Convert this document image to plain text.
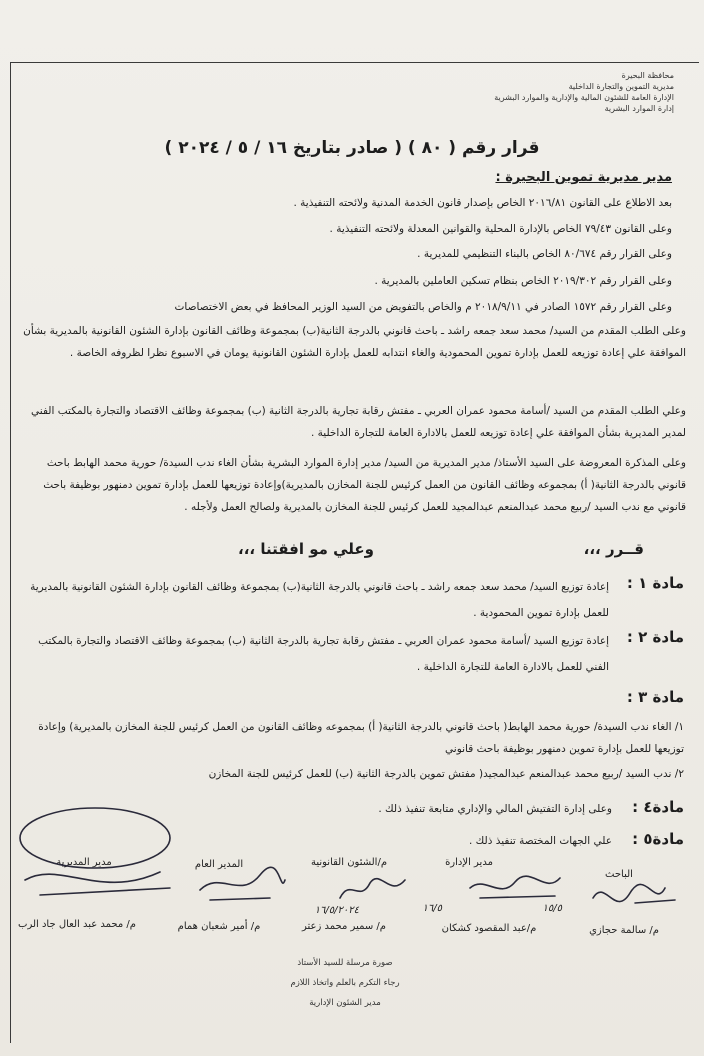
محافظة البحيرة
مديرية التموين والتجارة الداخلية
الإدارة العامة للشئون المالية والإدارية والموارد البشرية
إدارة الموارد البشرية
قرار رقم ( ٨٠ ) ( صادر بتاريخ ١٦ / ٥ / ٢٠٢٤ )
مدير مديرية تموين البحيرة :
بعد الاطلاع على القانون ٢٠١٦/٨١ الخاص بإصدار قانون الخدمة المدنية ولائحته التنفيذية .
وعلى القانون ٧٩/٤٣ الخاص بالإدارة المحلية والقوانين المعدلة ولائحته التنفيذية .
وعلى القرار رقم ٨٠/٦٧٤ الخاص بالبناء التنظيمي للمديرية .
وعلى القرار رقم ٢٠١٩/٣٠٢ الخاص بنظام تسكين العاملين بالمديرية .
وعلى القرار رقم ١٥٧٢ الصادر في ٢٠١٨/٩/١١ م والخاص بالتفويض من السيد الوزير المحافظ في بعض الاختصاصات
وعلى الطلب المقدم من السيد/ محمد سعد جمعه راشد ـ باحث قانوني بالدرجة الثانية(ب) بمجموعة وظائف القانون بإدارة الشئون القانونية بالمديرية بشأن الموافقة علي إعادة توزيعه للعمل بإدارة تموين المحمودية والغاء انتدابه للعمل بإدارة الشئون القانونية يومان في الاسبوع نظرا لظروفه الخاصة .
وعلي الطلب المقدم من السيد /أسامة محمود عمران العربي ـ مفتش رقابة تجارية بالدرجة الثانية (ب) بمجموعة وظائف الاقتصاد والتجارة بالمكتب الفني لمدير المديرية بشأن الموافقة علي إعادة توزيعه للعمل بالادارة العامة للتجارة الداخلية .
وعلى المذكرة المعروضة على السيد الأستاذ/ مدير المديرية من السيد/ مدير إدارة الموارد البشرية بشأن الغاء ندب السيدة/ حورية محمد الهابط باحث قانوني بالدرجة الثانية( أ) بمجموعه وظائف القانون من العمل كرئيس للجنة المخازن بالمديرية)وإعادة توزيعها للعمل بإدارة تموين دمنهور بوظيفة باحث قانوني مع ندب السيد /ربيع محمد عبدالمنعم عبدالمجيد للعمل كرئيس للجنة المخازن بالمديرية ولصالح العمل ولأجله .
وعلي مو افقتنا ،،،	قــرر ،،،
مادة ١ :
إعادة توزيع السيد/ محمد سعد جمعه راشد ـ باحث قانوني بالدرجة الثانية(ب) بمجموعة وظائف القانون بإدارة الشئون القانونية بالمديرية للعمل بإدارة تموين المحمودية .
مادة ٢ :
إعادة توزيع السيد /أسامة محمود عمران العربي ـ مفتش رقابة تجارية بالدرجة الثانية (ب) بمجموعة وظائف الاقتصاد والتجارة بالمكتب الفني للعمل بالادارة العامة للتجارة الداخلية .
مادة ٣ :
١/ الغاء ندب السيدة/ حورية محمد الهابط( باحث قانوني بالدرجة الثانية( أ) بمجموعه وظائف القانون من العمل كرئيس للجنة المخازن بالمديرية) وإعادة توزيعها للعمل بإدارة تموين دمنهور بوظيفة باحث قانوني
٢/ ندب السيد /ربيع محمد عبدالمنعم عبدالمجيد( مفتش تموين بالدرجة الثانية (ب) للعمل كرئيس للجنة المخازن
مادة٤ :
وعلى إدارة التفتيش المالي والإداري متابعة تنفيذ ذلك .
مادة٥ :
علي الجهات المختصة تنفيذ ذلك .
الباحث
مدير الإدارة
م/الشئون القانونية
المدير العام
مدير المديرية
١٥/٥
١٦/٥
١٦/٥/٢٠٢٤
م/ سالمة حجازي
م/عبد المقصود كشكان
م/ سمير محمد زعتر
م/ أمير شعبان همام
م/ محمد عبد العال جاد الرب
صورة مرسلة للسيد الأستاذ
رجاء التكرم بالعلم واتخاذ اللازم
مدير الشئون الإدارية
